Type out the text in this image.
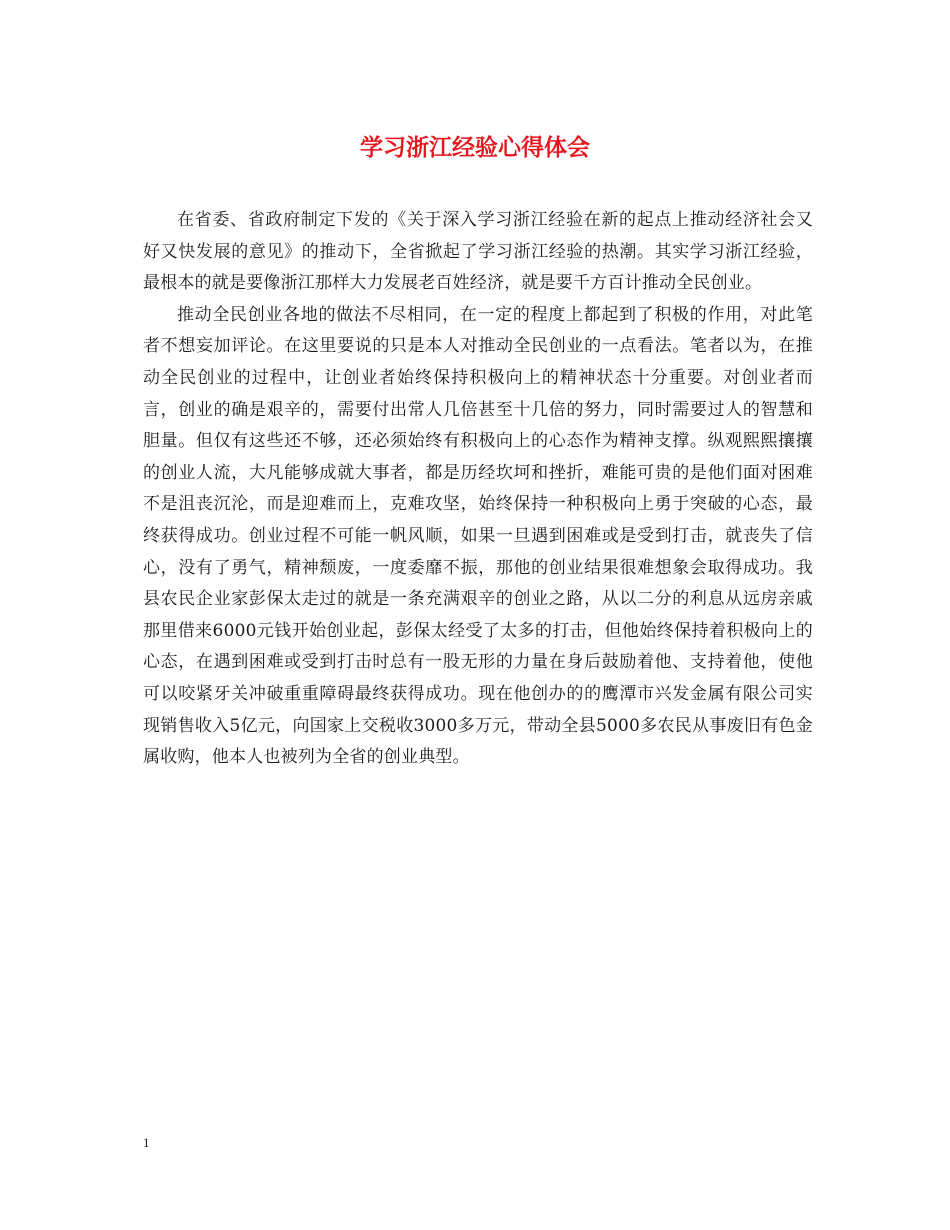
学习浙江经验心得体会

在省委、省政府制定下发的《关于深入学习浙江经验在新的起点上推动经济社会又好又快发展的意见》的推动下，全省掀起了学习浙江经验的热潮。其实学习浙江经验，最根本的就是要像浙江那样大力发展老百姓经济，就是要千方百计推动全民创业。

推动全民创业各地的做法不尽相同，在一定的程度上都起到了积极的作用，对此笔者不想妄加评论。在这里要说的只是本人对推动全民创业的一点看法。笔者以为，在推动全民创业的过程中，让创业者始终保持积极向上的精神状态十分重要。对创业者而言，创业的确是艰辛的，需要付出常人几倍甚至十几倍的努力，同时需要过人的智慧和胆量。但仅有这些还不够，还必须始终有积极向上的心态作为精神支撑。纵观熙熙攘攘的创业人流，大凡能够成就大事者，都是历经坎坷和挫折，难能可贵的是他们面对困难不是沮丧沉沦，而是迎难而上，克难攻坚，始终保持一种积极向上勇于突破的心态，最终获得成功。创业过程不可能一帆风顺，如果一旦遇到困难或是受到打击，就丧失了信心，没有了勇气，精神颓废，一度委靡不振，那他的创业结果很难想象会取得成功。我县农民企业家彭保太走过的就是一条充满艰辛的创业之路，从以二分的利息从远房亲戚那里借来6000元钱开始创业起，彭保太经受了太多的打击，但他始终保持着积极向上的心态，在遇到困难或受到打击时总有一股无形的力量在身后鼓励着他、支持着他，使他可以咬紧牙关冲破重重障碍最终获得成功。现在他创办的的鹰潭市兴发金属有限公司实现销售收入5亿元，向国家上交税收3000多万元，带动全县5000多农民从事废旧有色金属收购，他本人也被列为全省的创业典型。

1
